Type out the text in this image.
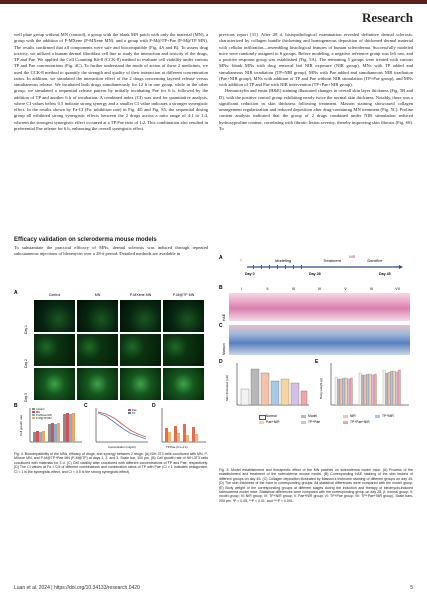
Research

well plate group without MN (control), a group with the blank MN patch with only the material (MN), a group with the addition of P-MXene (P-MXene MN), and a group with P-M@TP+Pae (P-M@TP MN). The results confirmed that all components were safe and biocompatible (Fig. 4A and B). To assess drug toxicity, we utilized a human dermal fibroblast cell line to study the interaction and toxicity of the drugs, TP and Pae. We applied the Cell Counting Kit-8 (CCK-8) method to evaluate cell viability under various TP and Pae concentrations (Fig. 4C). To further understand the mode of action of these 2 medicines, we used the CCK-8 method to quantify the strength and quality of their interaction at different concentration ratios. In addition, we simulated the interaction effect of the 2 drugs concerning layered release versus simultaneous release. We incubated both drugs simultaneously for 12 h in one group, while in the other group, we simulated a sequential release pattern by initially incubating Pae for 6 h, followed by the addition of TP and another 6 h of incubation. A combined index (CI) was used for quantitative analysis, where CI values below 0.5 indicate strong synergy and a smaller CI value indicates a stronger synergistic effect. In the results shown by Fa-CI (Fa: inhibition rate) in Fig. 4D and Fig. S5, the sequential dosing group all exhibited strong synergistic effects between the 2 drugs across a ratio range of 4:1 to 1:4, wherein the strongest synergistic effect occurred at a TP:Pae ratio of 1:2. This combination also resulted in preferential Pae release for 6 h, enhancing the overall synergistic effect.

Efficacy validation on scleroderma mouse models
To substantiate the practical efficacy of MNs, dermal sclerosis was induced through repeated subcutaneous injections of bleomycin over a 28-d period. Detailed methods are available in

previous report [31]. After 28 d, histopathological examination revealed definitive dermal sclerosis, characterized by collagen bundle thickening and homogeneous deposition of thickened dermal material with cellular infiltration—resembling histological features of human scleroderma. Successfully modeled mice were randomly assigned to 6 groups. Before modeling, a negative reference group was left raw, and a positive response group was established (Fig. 5A). The remaining 5 groups were treated with various MNs: blank MNs with drug removal but NIR exposure (NIR group), MNs with TP added and simultaneous NIR irradiation (TP+NIR group), MNs with Pae added and simultaneous NIR irradiation (Pae+NIR group), MNs with addition of TP and Pae without NIR stimulation (TP+Pae group), and MNs with addition of TP and Pae with NIR intervention (TP+Pae+NIR group).

Hematoxylin and eosin (H&E) staining illustrated changes in overall skin layer thickness (Fig. 5B and D), with the positive control group exhibiting nearly twice the normal skin thickness. Notably, there was a significant reduction in skin thickness following treatment. Masson staining showcased collagen arrangement regularization and reduced deposition after drug-containing MN treatment (Fig. 5C). Proline content analysis indicated that the group of 2 drugs combined under NIR stimulation reduced hydroxyproline content, correlating with fibrotic lesion severity, thereby improving skin fibrosis (Fig. S6). To

A	Control	MN	P-MXene MN	P-M@TP MN
Day 1
Day 2
Day 3
B
Cell growth rate
Control
MN
P-MXene MN
P-M@TP MN
C
Concentration (mg/ml)
Pae
TP
D
TP:Pae (4:1~1:4)
Fig. 4. Biocompatibility of the MNs, efficacy of drugs, and synergy between 2 drugs. (A) NIH-3T3 cells cocultured with MN, P-MXene MN, and P-M@TP+Pae MN (P-M@TP) at days 1, 2, and 3. Scale bar, 100 μm. (B) Cell growth rate of NIH-3T3 cells cocultured with materials for 3 d. (C) Cell viability after cocultured with different concentrations of TP and Pae, respectively. (D) The CI values at Fa = 0.5 of different combinations and combination ratios of TP with Pae (CI > 1 indicates antagonism, CI < 1 is the synergistic effect, and CI < 0.5 is the strong synergistic effect).
A	🐁	Modeling	Treatment	Sacrifice
NIR
Day 0	Day 28	Day 45
B	I	II	III	IV	V	VI	VII
H&E
C
Masson
D
Skin thickness (μm)
E
Body weight (g)
Normal	Model	NIR	TP+NIR
Pae+NIR	TP+Pae	TP+Pae+NIR
Fig. 5. Model establishment and therapeutic effect of the MN patches on scleroderma model mice. (A) Process of the establishment and treatment of the scleroderma mouse model. (B) Corresponding H&E staining of the skin lesions of different groups on day 45. (C) Collagen deposition illustrated by Masson's trichrome staining of different groups on day 45. (D) The skin thickness of the mice in corresponding groups. All statistical differences were compared with the model group. (E) Body weight of the corresponding groups at different stages during the induction and therapy of bleomycin-induced scleroderma model mice. Statistical differences were compared with the corresponding group on day 28. (I: normal group; II: model group; III: NIR group; IV: TP+NIR group; V: Pae+NIR group; VI: TP+Pae group; VII: TP+Pae+NIR group). Scale bars, 200 μm. *P < 0.05, **P < 0.01, and ***P < 0.001.
Luan et al. 2024 | https://doi.org/10.34133/research.0420	5
